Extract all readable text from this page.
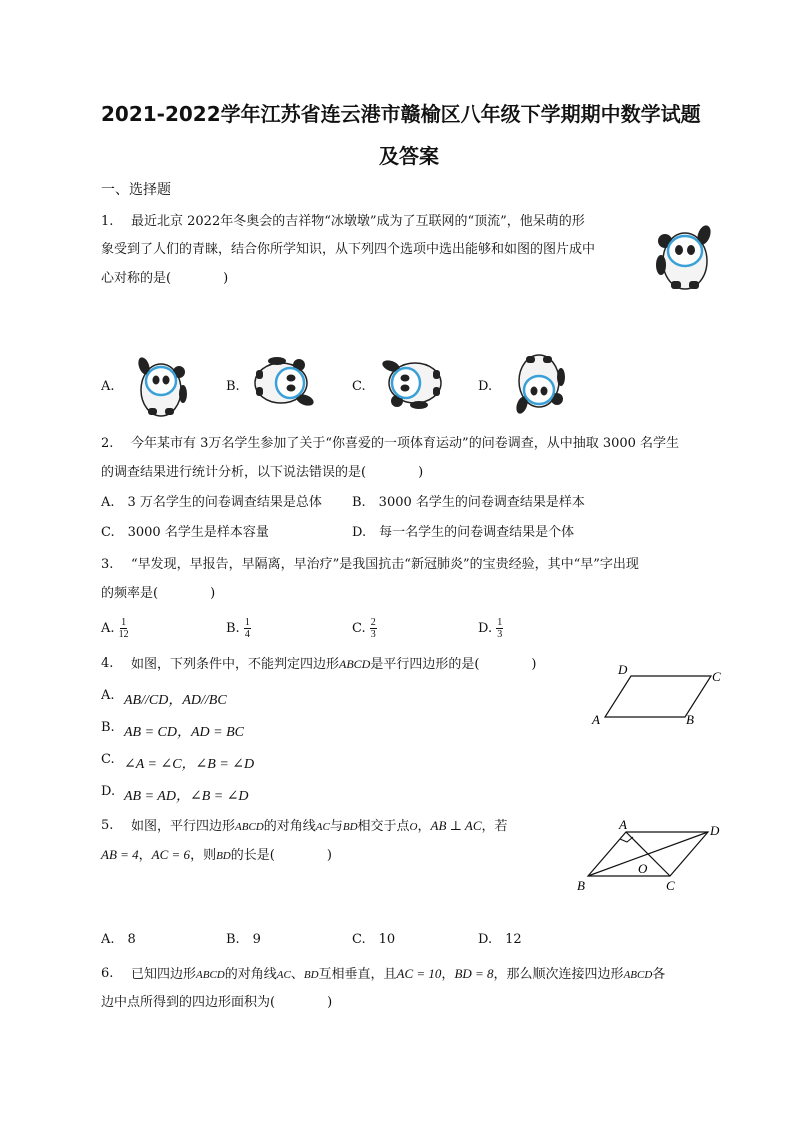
2021-2022学年江苏省连云港市赣榆区八年级下学期期中数学试题
及答案
一、选择题
1. 最近北京 2022年冬奥会的吉祥物“冰墩墩”成为了互联网的“顶流”，他呆萌的形
象受到了人们的青睐，结合你所学知识，从下列四个选项中选出能够和如图的图片成中
心对称的是(　　　　)
A.	B.	C.	D.
2. 今年某市有 3万名学生参加了关于“你喜爱的一项体育运动”的问卷调查，从中抽取 3000 名学生
的调查结果进行统计分析，以下说法错误的是(　　　　)
A.　3 万名学生的问卷调查结果是总体 B.　3000 名学生的问卷调查结果是样本
C.　3000 名学生是样本容量	D.　每一名学生的问卷调查结果是个体
3. “早发现，早报告，早隔离，早治疗”是我国抗击“新冠肺炎”的宝贵经验，其中“早”字出现
的频率是(　　　　)
A. $\frac{1}{12}$	B. $\frac{1}{4}$	C. $\frac{2}{3}$	D. $\frac{1}{3}$
4. 如图，下列条件中，不能判定四边形ABCD是平行四边形的是(　　　　)
A. AB//CD，AD//BC
B. AB = CD，AD = BC
C. ∠A = ∠C，∠B = ∠D
D. AB = AD，∠B = ∠D
A	B
C
D
5. 如图，平行四边形ABCD的对角线AC与BD相交于点O，AB ⊥ AC，若
AB = 4，AC = 6，则BD的长是(　　　　)
A
B	C
D
O
A.　8	B.　9	C.　10	D.　12
6. 已知四边形ABCD的对角线AC、BD互相垂直，且AC = 10，BD = 8，那么顺次连接四边形ABCD各
边中点所得到的四边形面积为(　　　　)
